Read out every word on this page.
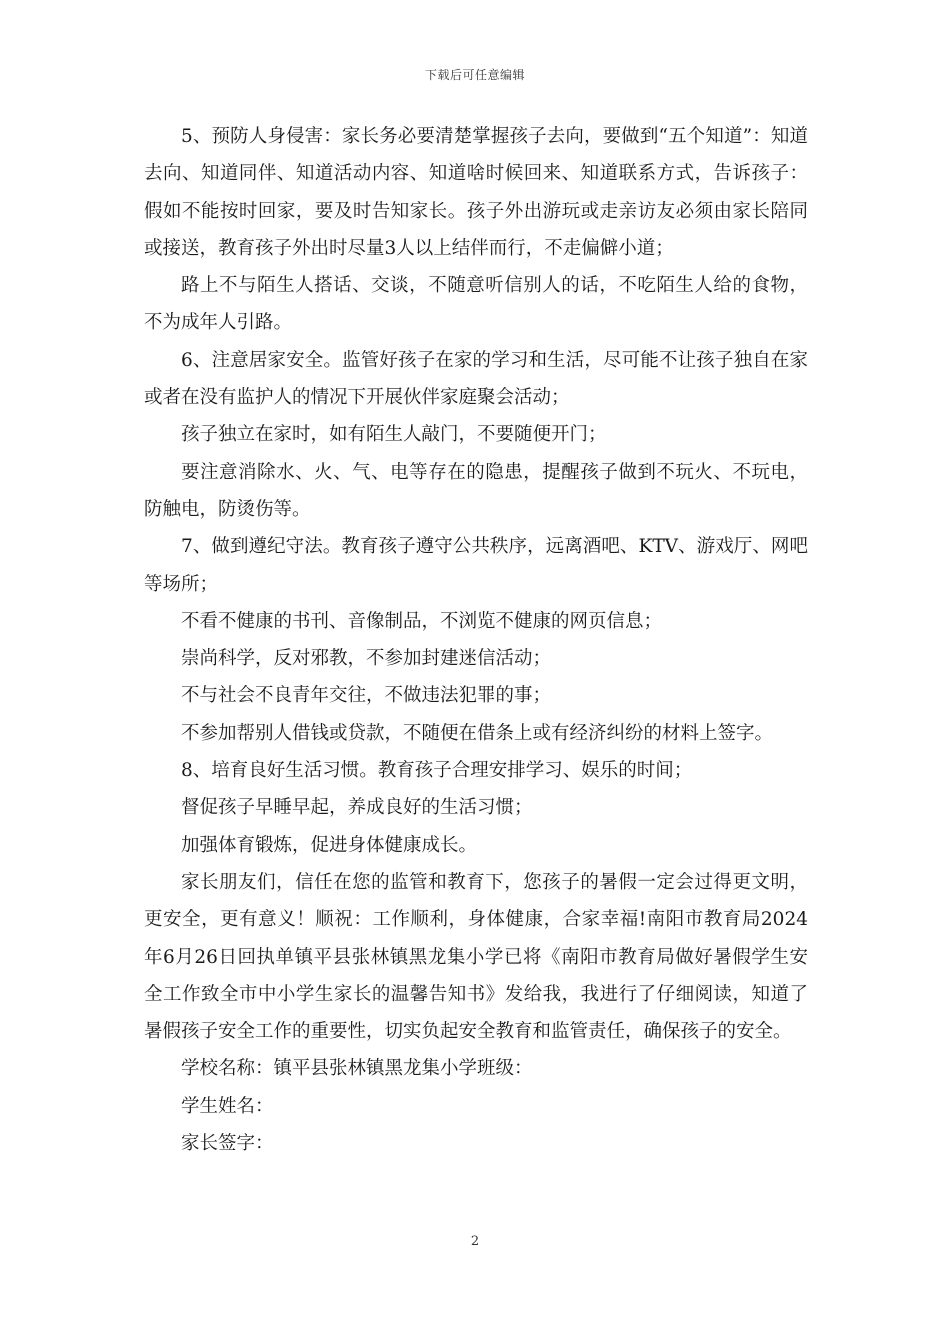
下载后可任意编辑

5、预防人身侵害：家长务必要清楚掌握孩子去向，要做到“五个知道”：知道去向、知道同伴、知道活动内容、知道啥时候回来、知道联系方式，告诉孩子：假如不能按时回家，要及时告知家长。孩子外出游玩或走亲访友必须由家长陪同或接送，教育孩子外出时尽量3人以上结伴而行，不走偏僻小道；

路上不与陌生人搭话、交谈，不随意听信别人的话，不吃陌生人给的食物，不为成年人引路。

6、注意居家安全。监管好孩子在家的学习和生活，尽可能不让孩子独自在家或者在没有监护人的情况下开展伙伴家庭聚会活动；

孩子独立在家时，如有陌生人敲门，不要随便开门；

要注意消除水、火、气、电等存在的隐患，提醒孩子做到不玩火、不玩电，防触电，防烫伤等。

7、做到遵纪守法。教育孩子遵守公共秩序，远离酒吧、KTV、游戏厅、网吧等场所；

不看不健康的书刊、音像制品，不浏览不健康的网页信息；

崇尚科学，反对邪教，不参加封建迷信活动；

不与社会不良青年交往，不做违法犯罪的事；

不参加帮别人借钱或贷款，不随便在借条上或有经济纠纷的材料上签字。

8、培育良好生活习惯。教育孩子合理安排学习、娱乐的时间；

督促孩子早睡早起，养成良好的生活习惯；

加强体育锻炼，促进身体健康成长。

家长朋友们，信任在您的监管和教育下，您孩子的暑假一定会过得更文明，更安全，更有意义！顺祝：工作顺利，身体健康，合家幸福!南阳市教育局2024年6月26日回执单镇平县张林镇黑龙集小学已将《南阳市教育局做好暑假学生安全工作致全市中小学生家长的温馨告知书》发给我，我进行了仔细阅读，知道了暑假孩子安全工作的重要性，切实负起安全教育和监管责任，确保孩子的安全。

学校名称：镇平县张林镇黑龙集小学班级：

学生姓名：

家长签字：

2
